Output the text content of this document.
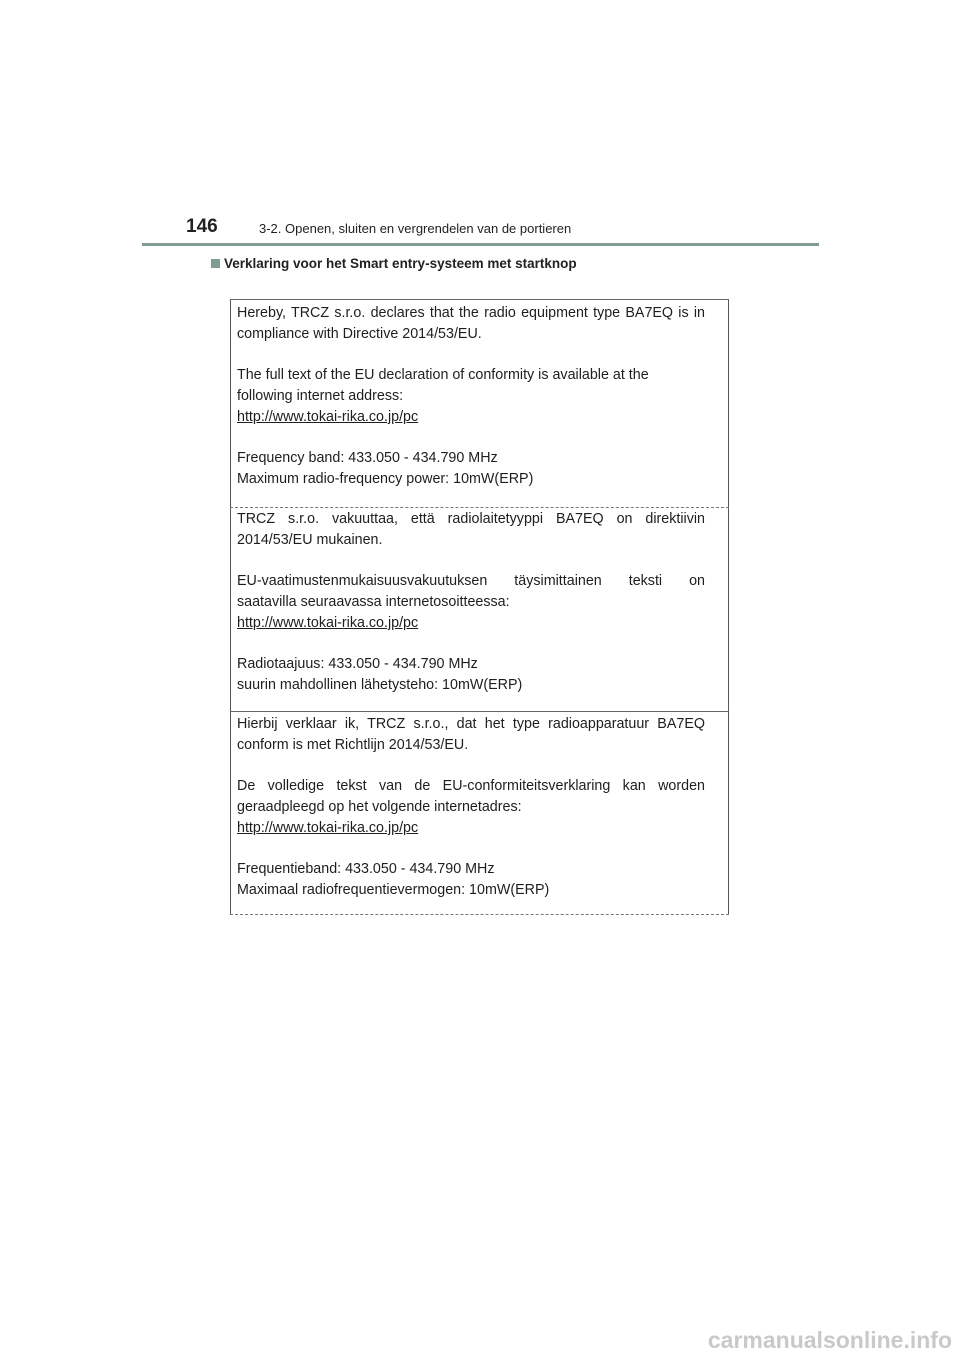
146	3-2. Openen, sluiten en vergrendelen van de portieren
Verklaring voor het Smart entry-systeem met startknop

Hereby, TRCZ s.r.o. declares that the radio equipment type BA7EQ is in
compliance with Directive 2014/53/EU.

The full text of the EU declaration of conformity is available at the
following internet address:
http://www.tokai-rika.co.jp/pc

Frequency band: 433.050 - 434.790 MHz
Maximum radio-frequency power: 10mW(ERP)

TRCZ s.r.o. vakuuttaa, että radiolaitetyyppi BA7EQ on direktiivin
2014/53/EU mukainen.

EU-vaatimustenmukaisuusvakuutuksen täysimittainen teksti on
saatavilla seuraavassa internetosoitteessa:
http://www.tokai-rika.co.jp/pc

Radiotaajuus: 433.050 - 434.790 MHz
suurin mahdollinen lähetysteho: 10mW(ERP)

Hierbij verklaar ik, TRCZ s.r.o., dat het type radioapparatuur BA7EQ
conform is met Richtlijn 2014/53/EU.

De volledige tekst van de EU-conformiteitsverklaring kan worden
geraadpleegd op het volgende internetadres:
http://www.tokai-rika.co.jp/pc

Frequentieband: 433.050 - 434.790 MHz
Maximaal radiofrequentievermogen: 10mW(ERP)

carmanualsonline.info
